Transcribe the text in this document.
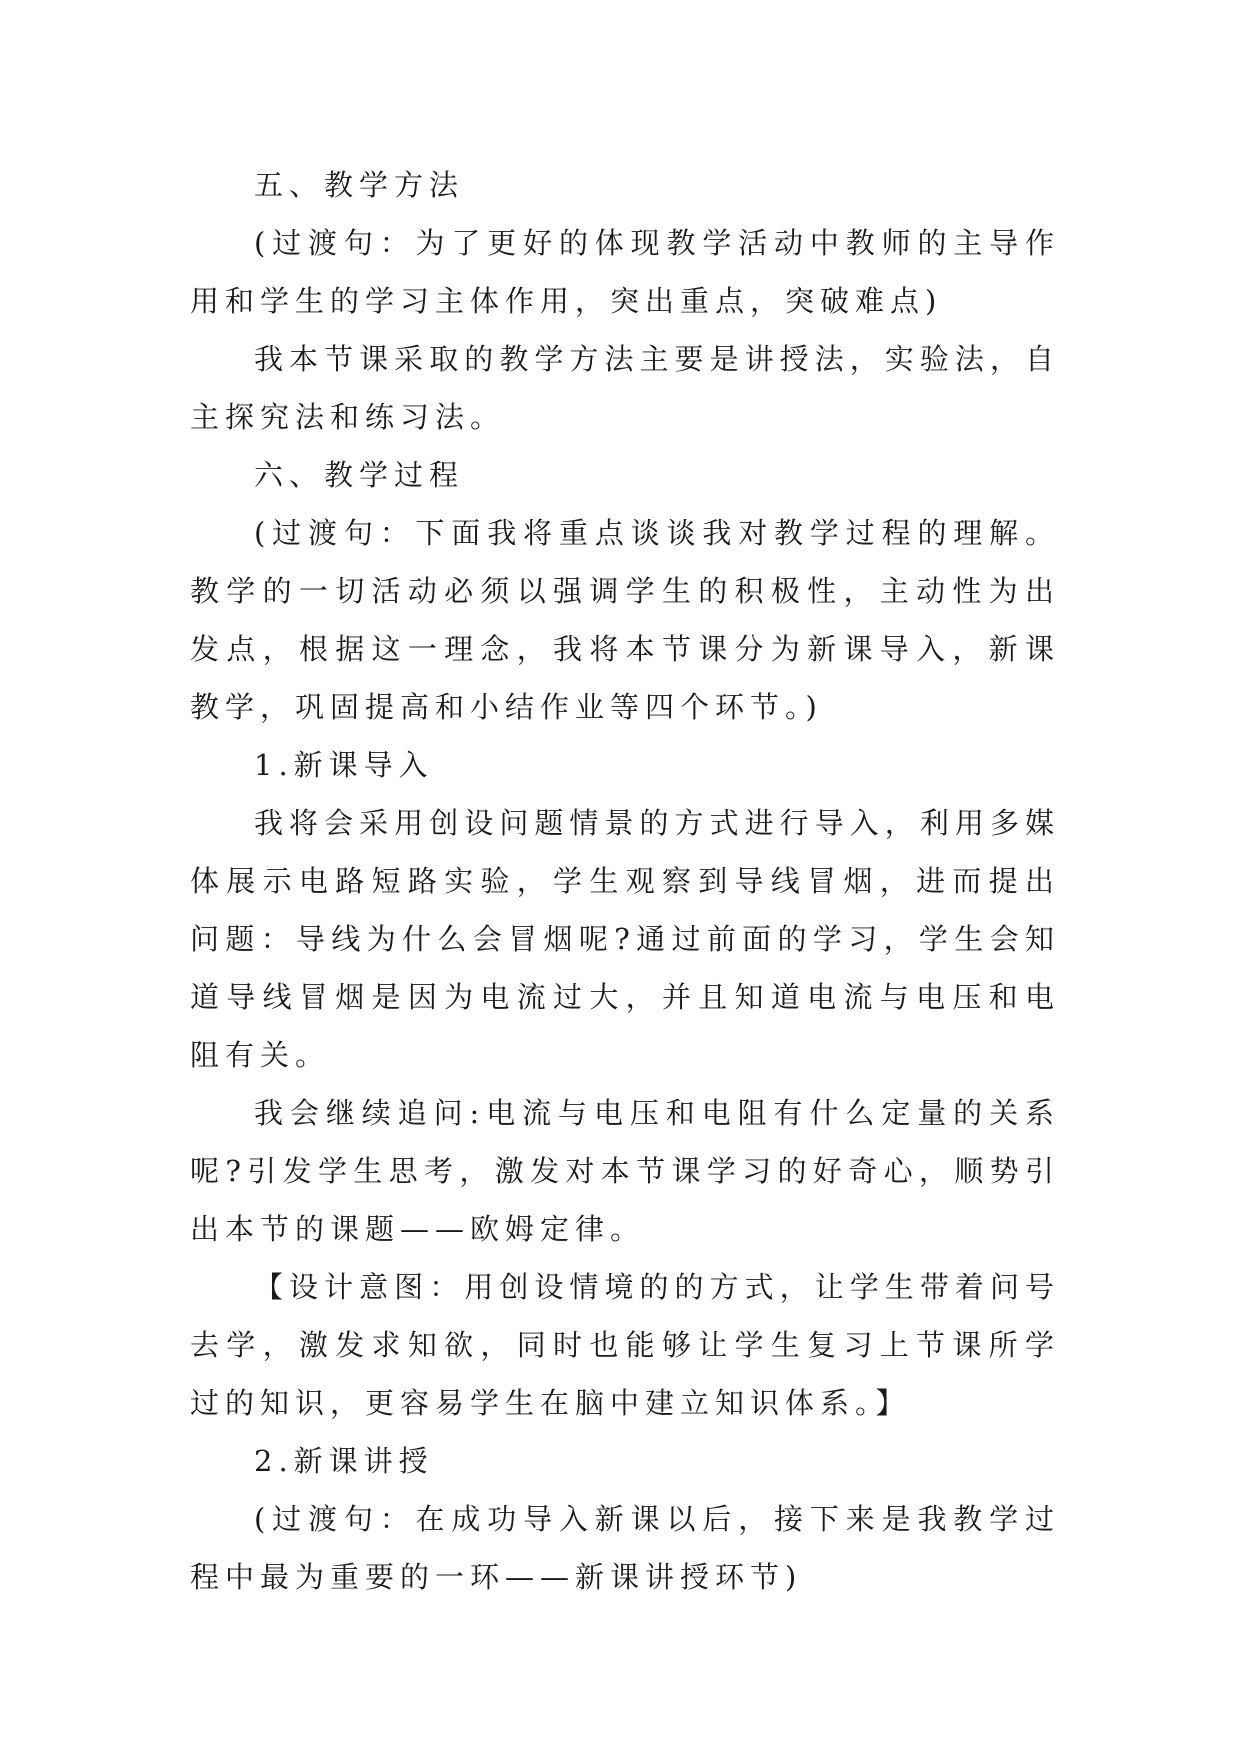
五、教学方法

(过渡句：为了更好的体现教学活动中教师的主导作用和学生的学习主体作用，突出重点，突破难点)

我本节课采取的教学方法主要是讲授法，实验法，自主探究法和练习法。

六、教学过程

(过渡句：下面我将重点谈谈我对教学过程的理解。教学的一切活动必须以强调学生的积极性，主动性为出发点，根据这一理念，我将本节课分为新课导入，新课教学，巩固提高和小结作业等四个环节。)

1.新课导入

我将会采用创设问题情景的方式进行导入，利用多媒体展示电路短路实验，学生观察到导线冒烟，进而提出问题：导线为什么会冒烟呢?通过前面的学习，学生会知道导线冒烟是因为电流过大，并且知道电流与电压和电阻有关。

我会继续追问:电流与电压和电阻有什么定量的关系呢?引发学生思考，激发对本节课学习的好奇心，顺势引出本节的课题——欧姆定律。

【设计意图：用创设情境的的方式，让学生带着问号去学，激发求知欲，同时也能够让学生复习上节课所学过的知识，更容易学生在脑中建立知识体系。】

2.新课讲授

(过渡句：在成功导入新课以后，接下来是我教学过程中最为重要的一环——新课讲授环节)
